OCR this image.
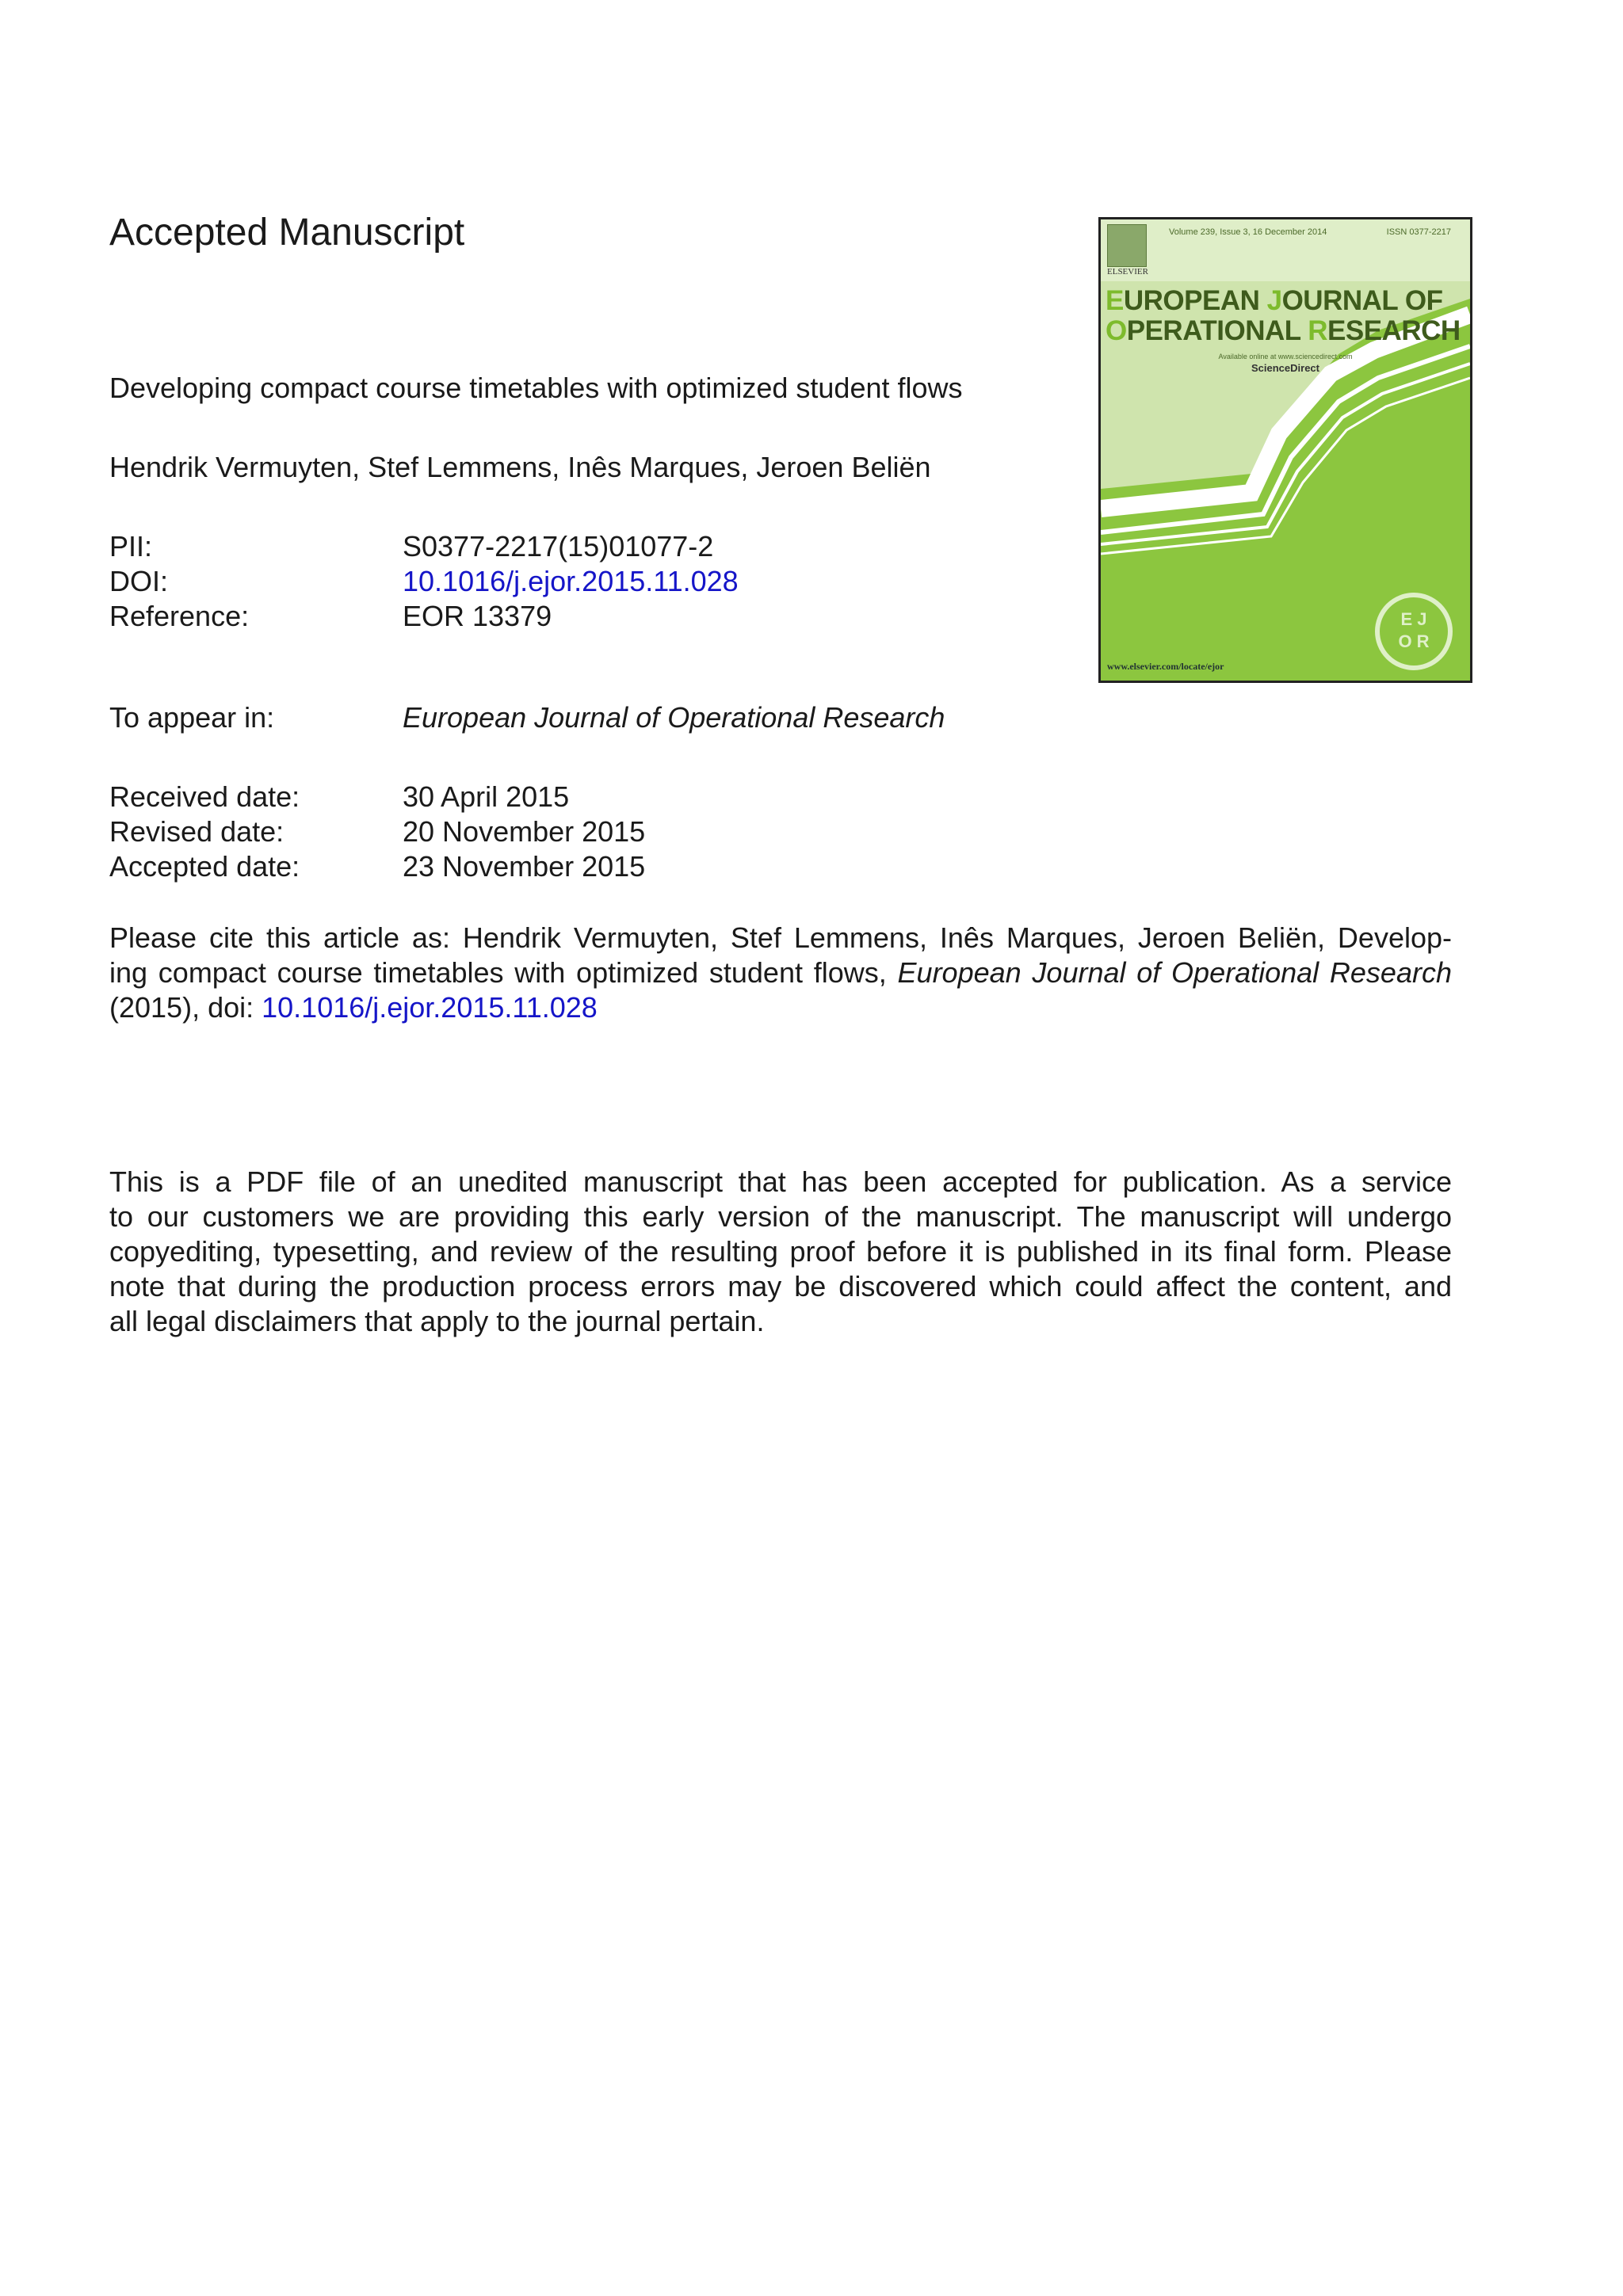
Accepted Manuscript
Developing compact course timetables with optimized student flows
Hendrik Vermuyten, Stef Lemmens, Inês Marques, Jeroen Beliën
PII:	S0377-2217(15)01077-2
DOI:	10.1016/j.ejor.2015.11.028
Reference:	EOR 13379
To appear in:	European Journal of Operational Research
Received date:	30 April 2015
Revised date:	20 November 2015
Accepted date:	23 November 2015
Please cite this article as: Hendrik Vermuyten, Stef Lemmens, Inês Marques, Jeroen Beliën, Develop-
ing compact course timetables with optimized student flows, European Journal of Operational Research
(2015), doi: 10.1016/j.ejor.2015.11.028
This is a PDF file of an unedited manuscript that has been accepted for publication. As a service
to our customers we are providing this early version of the manuscript. The manuscript will undergo
copyediting, typesetting, and review of the resulting proof before it is published in its final form. Please
note that during the production process errors may be discovered which could affect the content, and
all legal disclaimers that apply to the journal pertain.
E J
O R
Volume 239, Issue 3, 16 December 2014	ISSN 0377-2217
ELSEVIER
EUROPEAN JOURNAL OF
OPERATIONAL RESEARCH
Available online at www.sciencedirect.com
ScienceDirect
www.elsevier.com/locate/ejor
